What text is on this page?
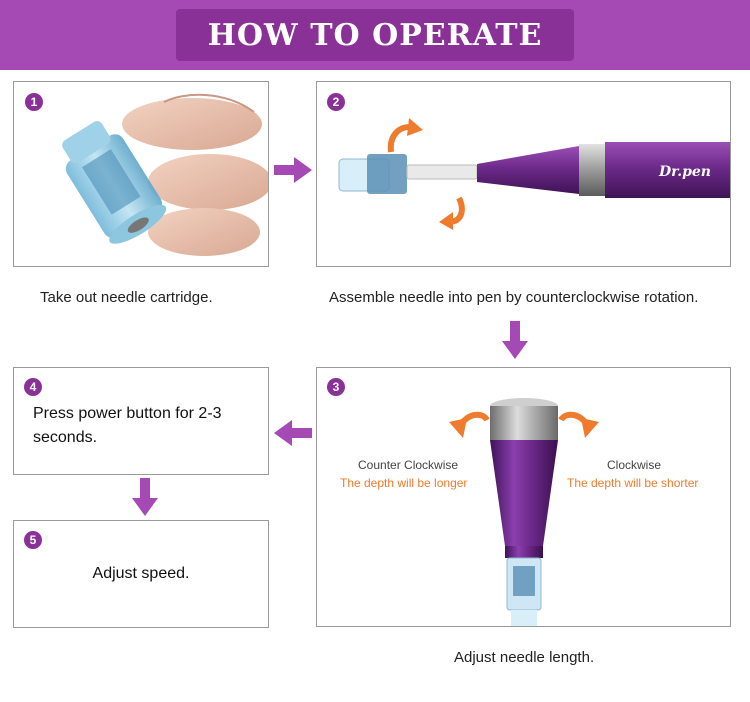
HOW TO OPERATE
1
Dr.pen
2
Take out needle cartridge.	Assemble needle into pen by counterclockwise rotation.
4
Press power button for 2-3 seconds.
5
Adjust speed.
3
Counter Clockwise
The depth will be longer
Clockwise
The depth will be shorter
Adjust needle length.
